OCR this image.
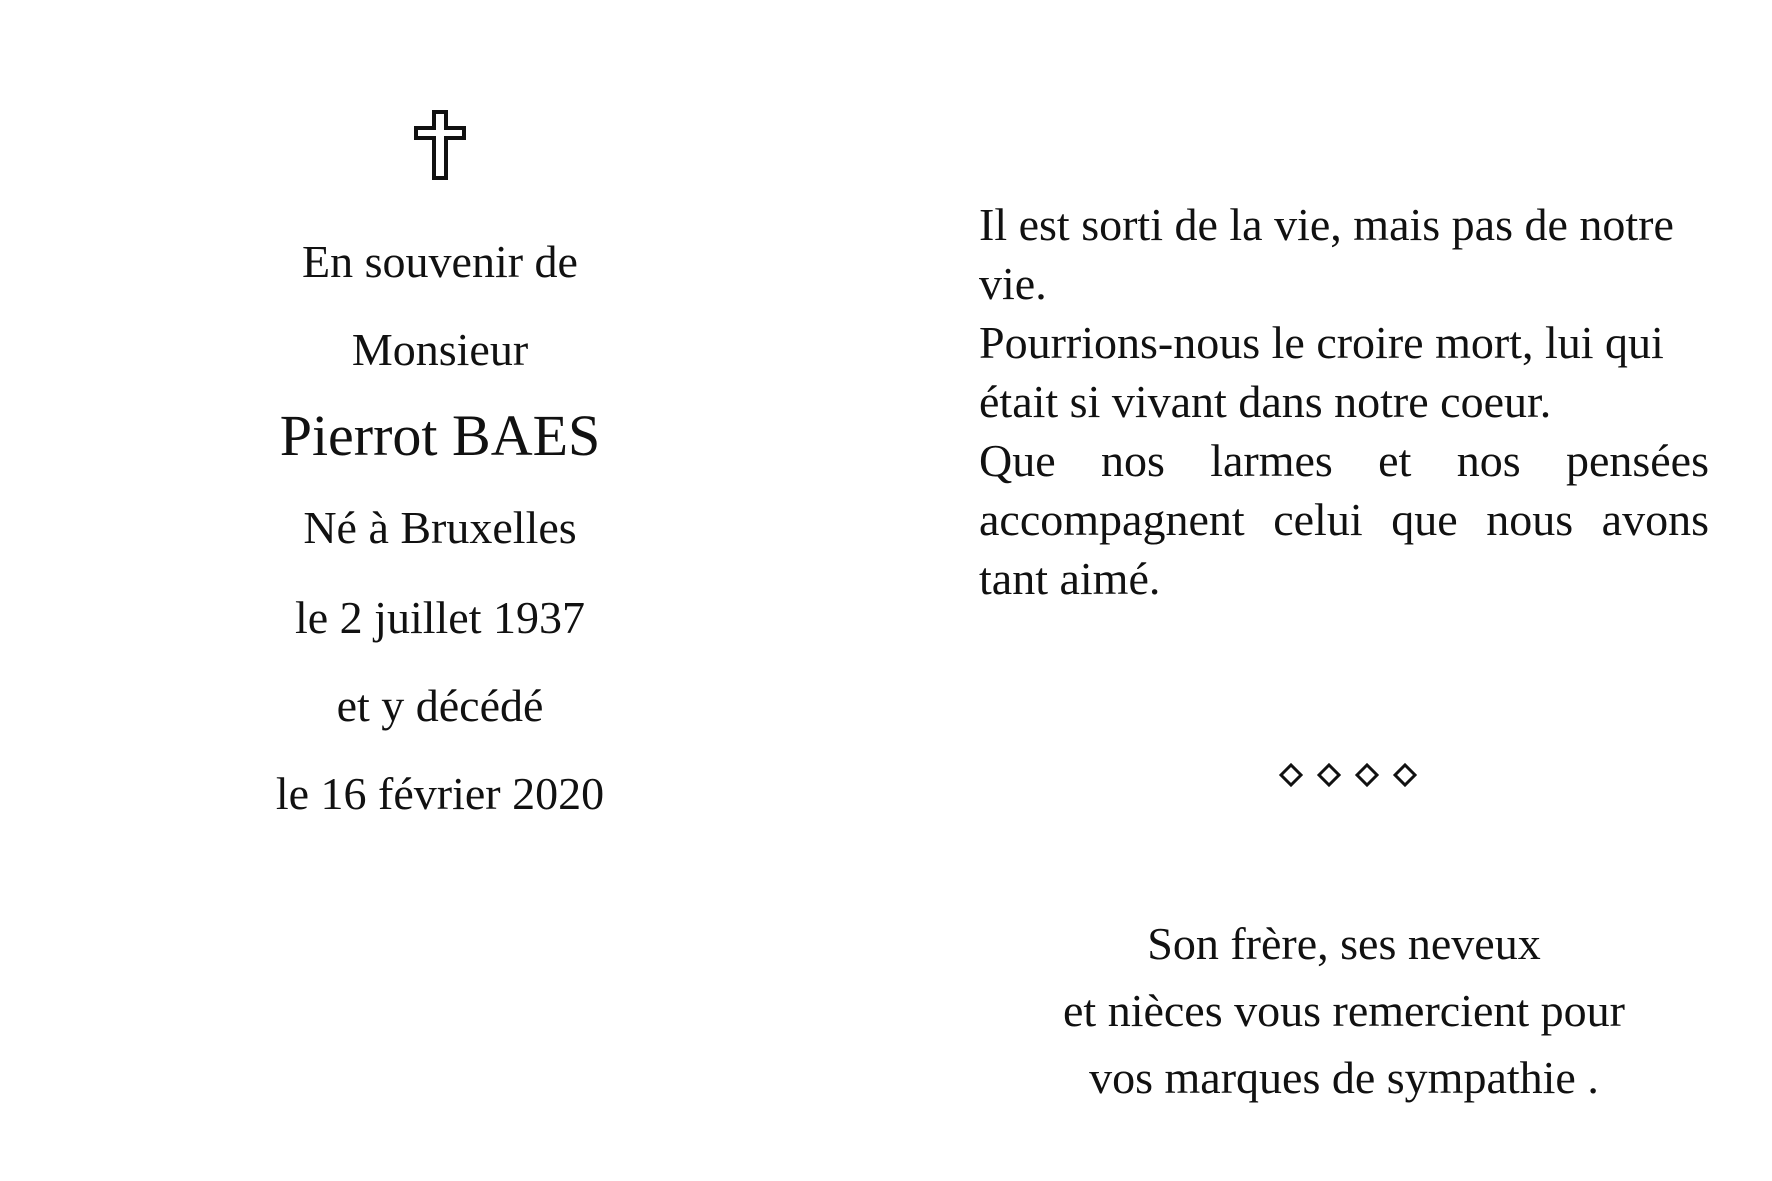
En souvenir de
Monsieur
Pierrot BAES
Né à Bruxelles
le 2 juillet 1937
et y décédé
le 16 février 2020

Il est sorti de la vie, mais pas de notre vie.

Pourrions-nous le croire mort, lui qui était si vivant dans notre coeur.

Que nos larmes et nos pensées accompagnent celui que nous avons tant aimé.

Son frère, ses neveux
et nièces vous remercient pour
vos marques de sympathie .
